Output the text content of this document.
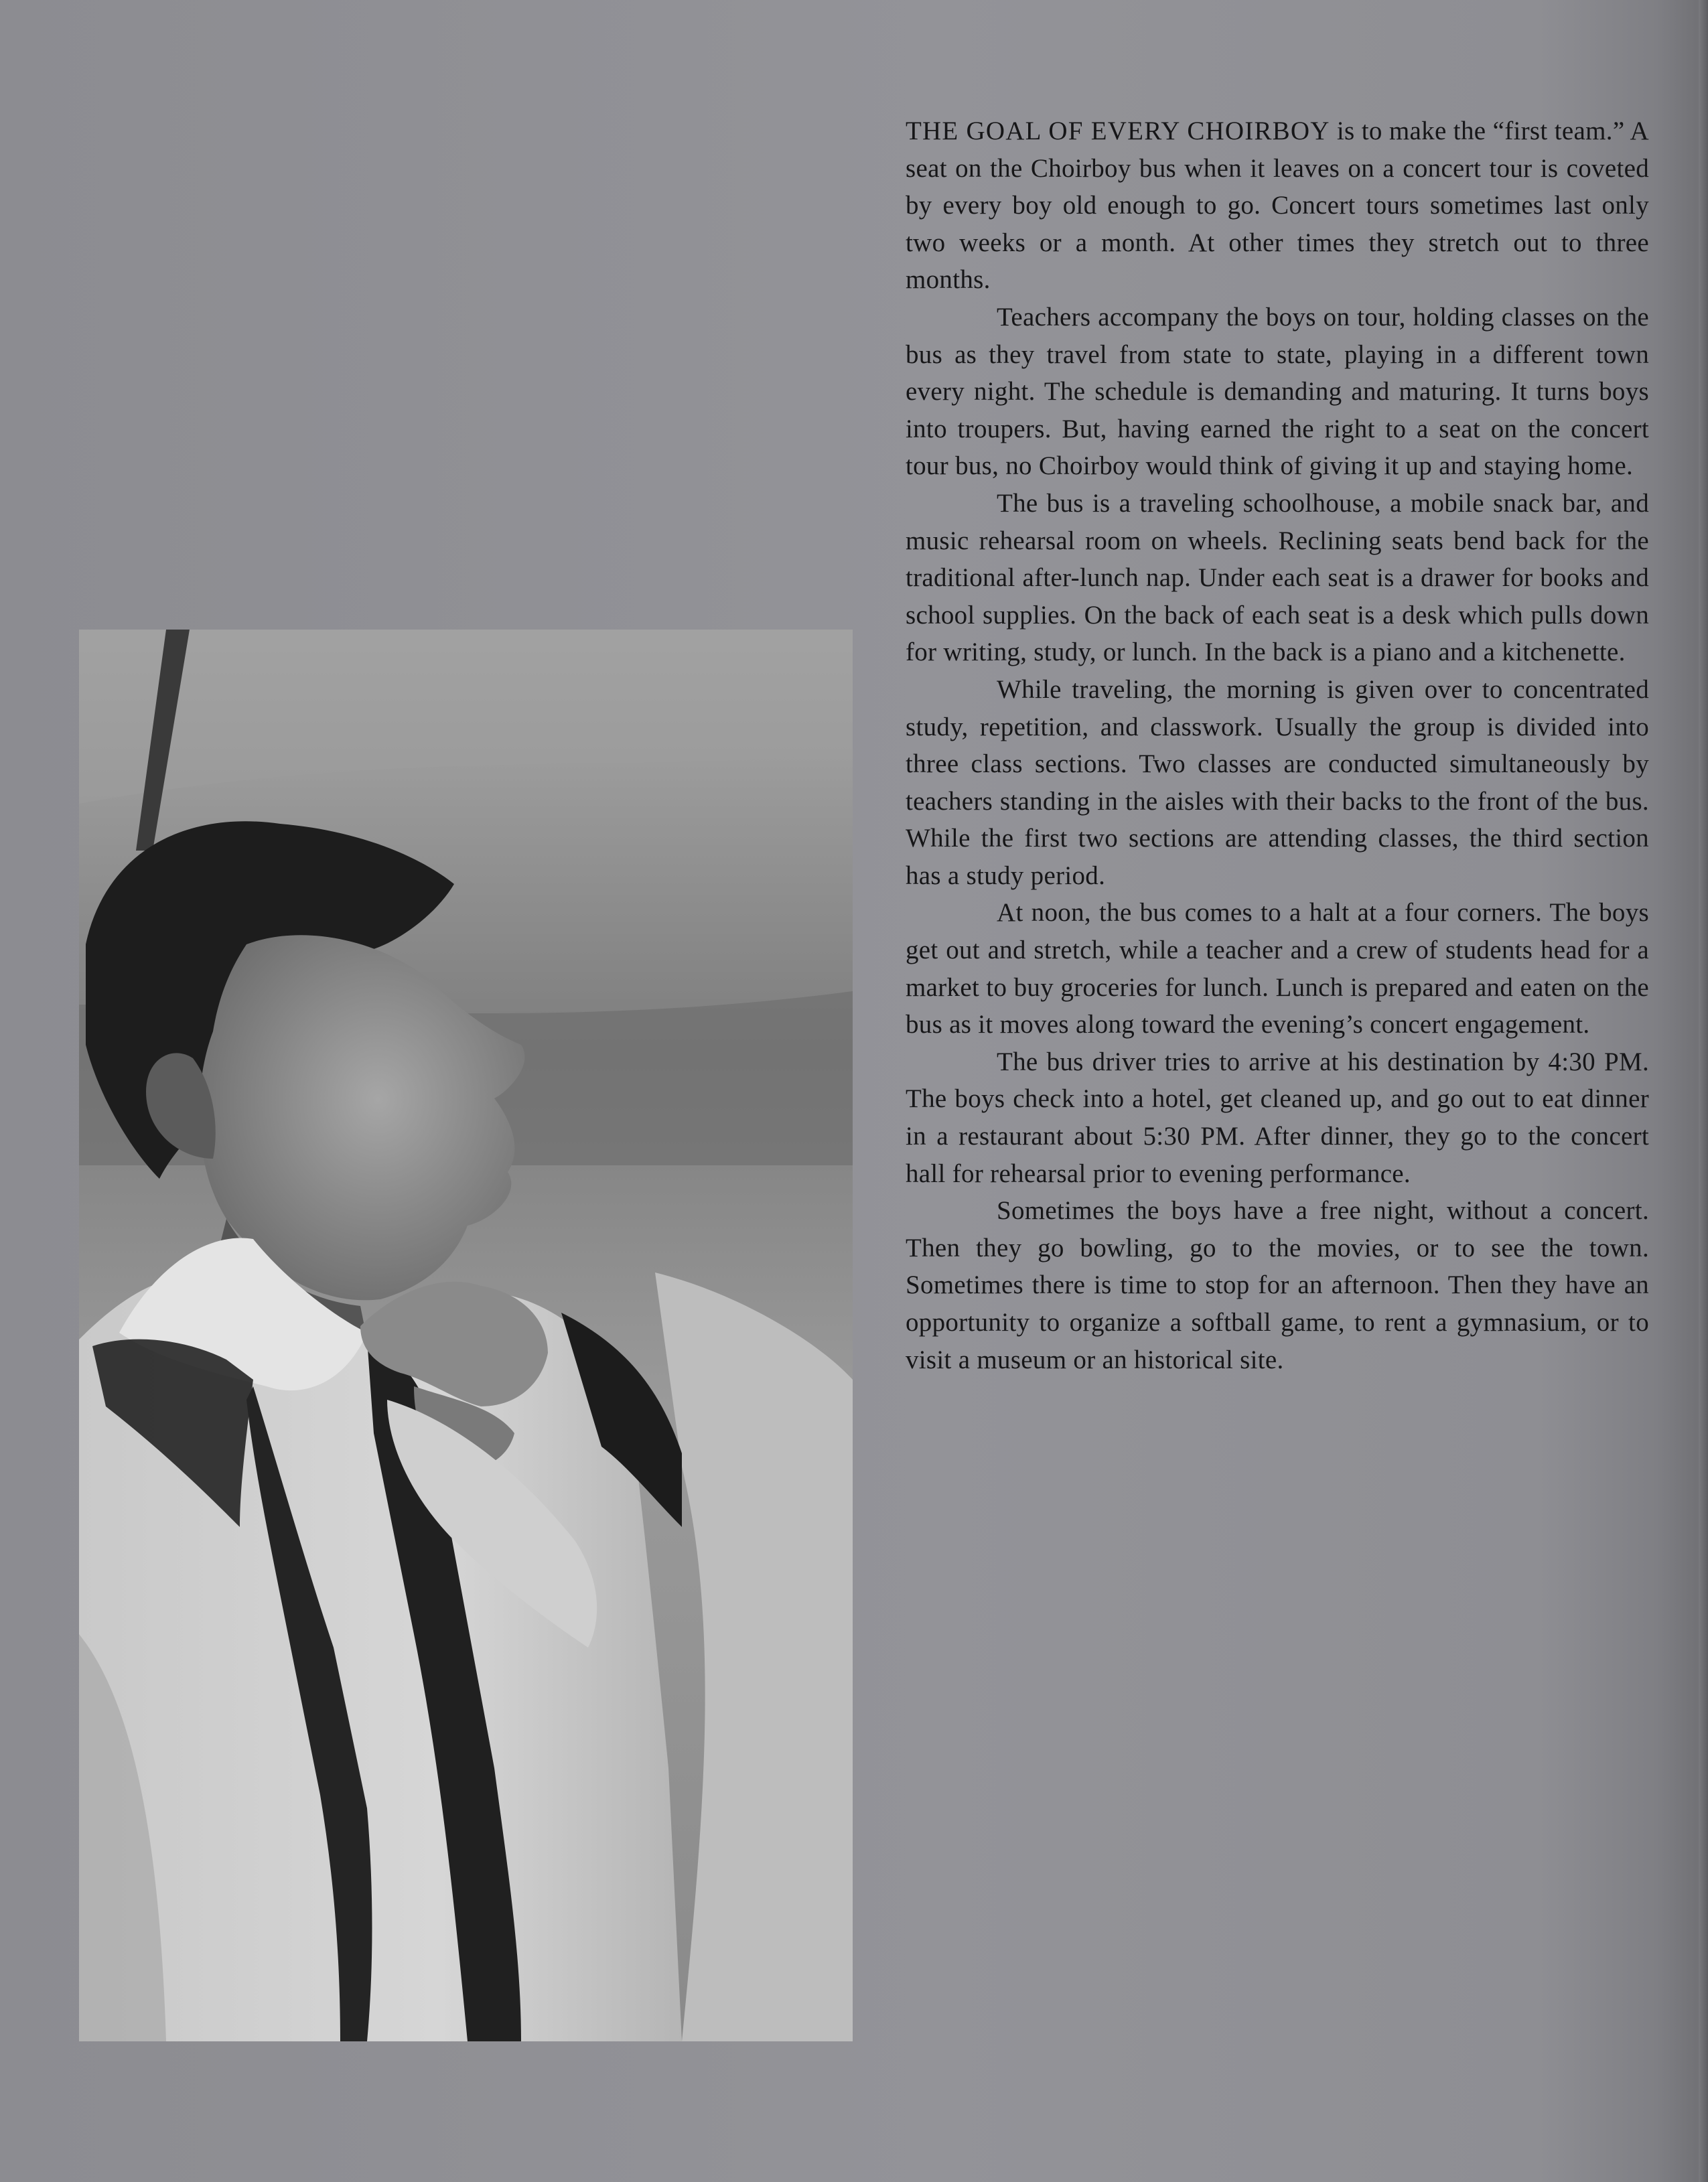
THE GOAL OF EVERY CHOIRBOY is to make the “first team.” A seat on the Choirboy bus when it leaves on a concert tour is coveted by every boy old enough to go. Concert tours sometimes last only two weeks or a month. At other times they stretch out to three months.

Teachers accompany the boys on tour, holding classes on the bus as they travel from state to state, playing in a different town every night. The schedule is demanding and maturing. It turns boys into troupers. But, having earned the right to a seat on the concert tour bus, no Choirboy would think of giving it up and staying home.

The bus is a traveling schoolhouse, a mobile snack bar, and music rehearsal room on wheels. Reclining seats bend back for the traditional after-lunch nap. Under each seat is a drawer for books and school supplies. On the back of each seat is a desk which pulls down for writing, study, or lunch. In the back is a piano and a kitchenette.

While traveling, the morning is given over to concentrated study, repetition, and classwork. Usually the group is divided into three class sections. Two classes are conducted simultaneously by teachers standing in the aisles with their backs to the front of the bus. While the first two sections are attending classes, the third section has a study period.

At noon, the bus comes to a halt at a four corners. The boys get out and stretch, while a teacher and a crew of students head for a market to buy groceries for lunch. Lunch is prepared and eaten on the bus as it moves along toward the evening’s concert engagement.

The bus driver tries to arrive at his destination by 4:30 PM. The boys check into a hotel, get cleaned up, and go out to eat dinner in a restaurant about 5:30 PM. After dinner, they go to the concert hall for rehearsal prior to evening performance.

Sometimes the boys have a free night, without a concert. Then they go bowling, go to the movies, or to see the town. Sometimes there is time to stop for an afternoon. Then they have an opportunity to organize a softball game, to rent a gymnasium, or to visit a museum or an historical site.
